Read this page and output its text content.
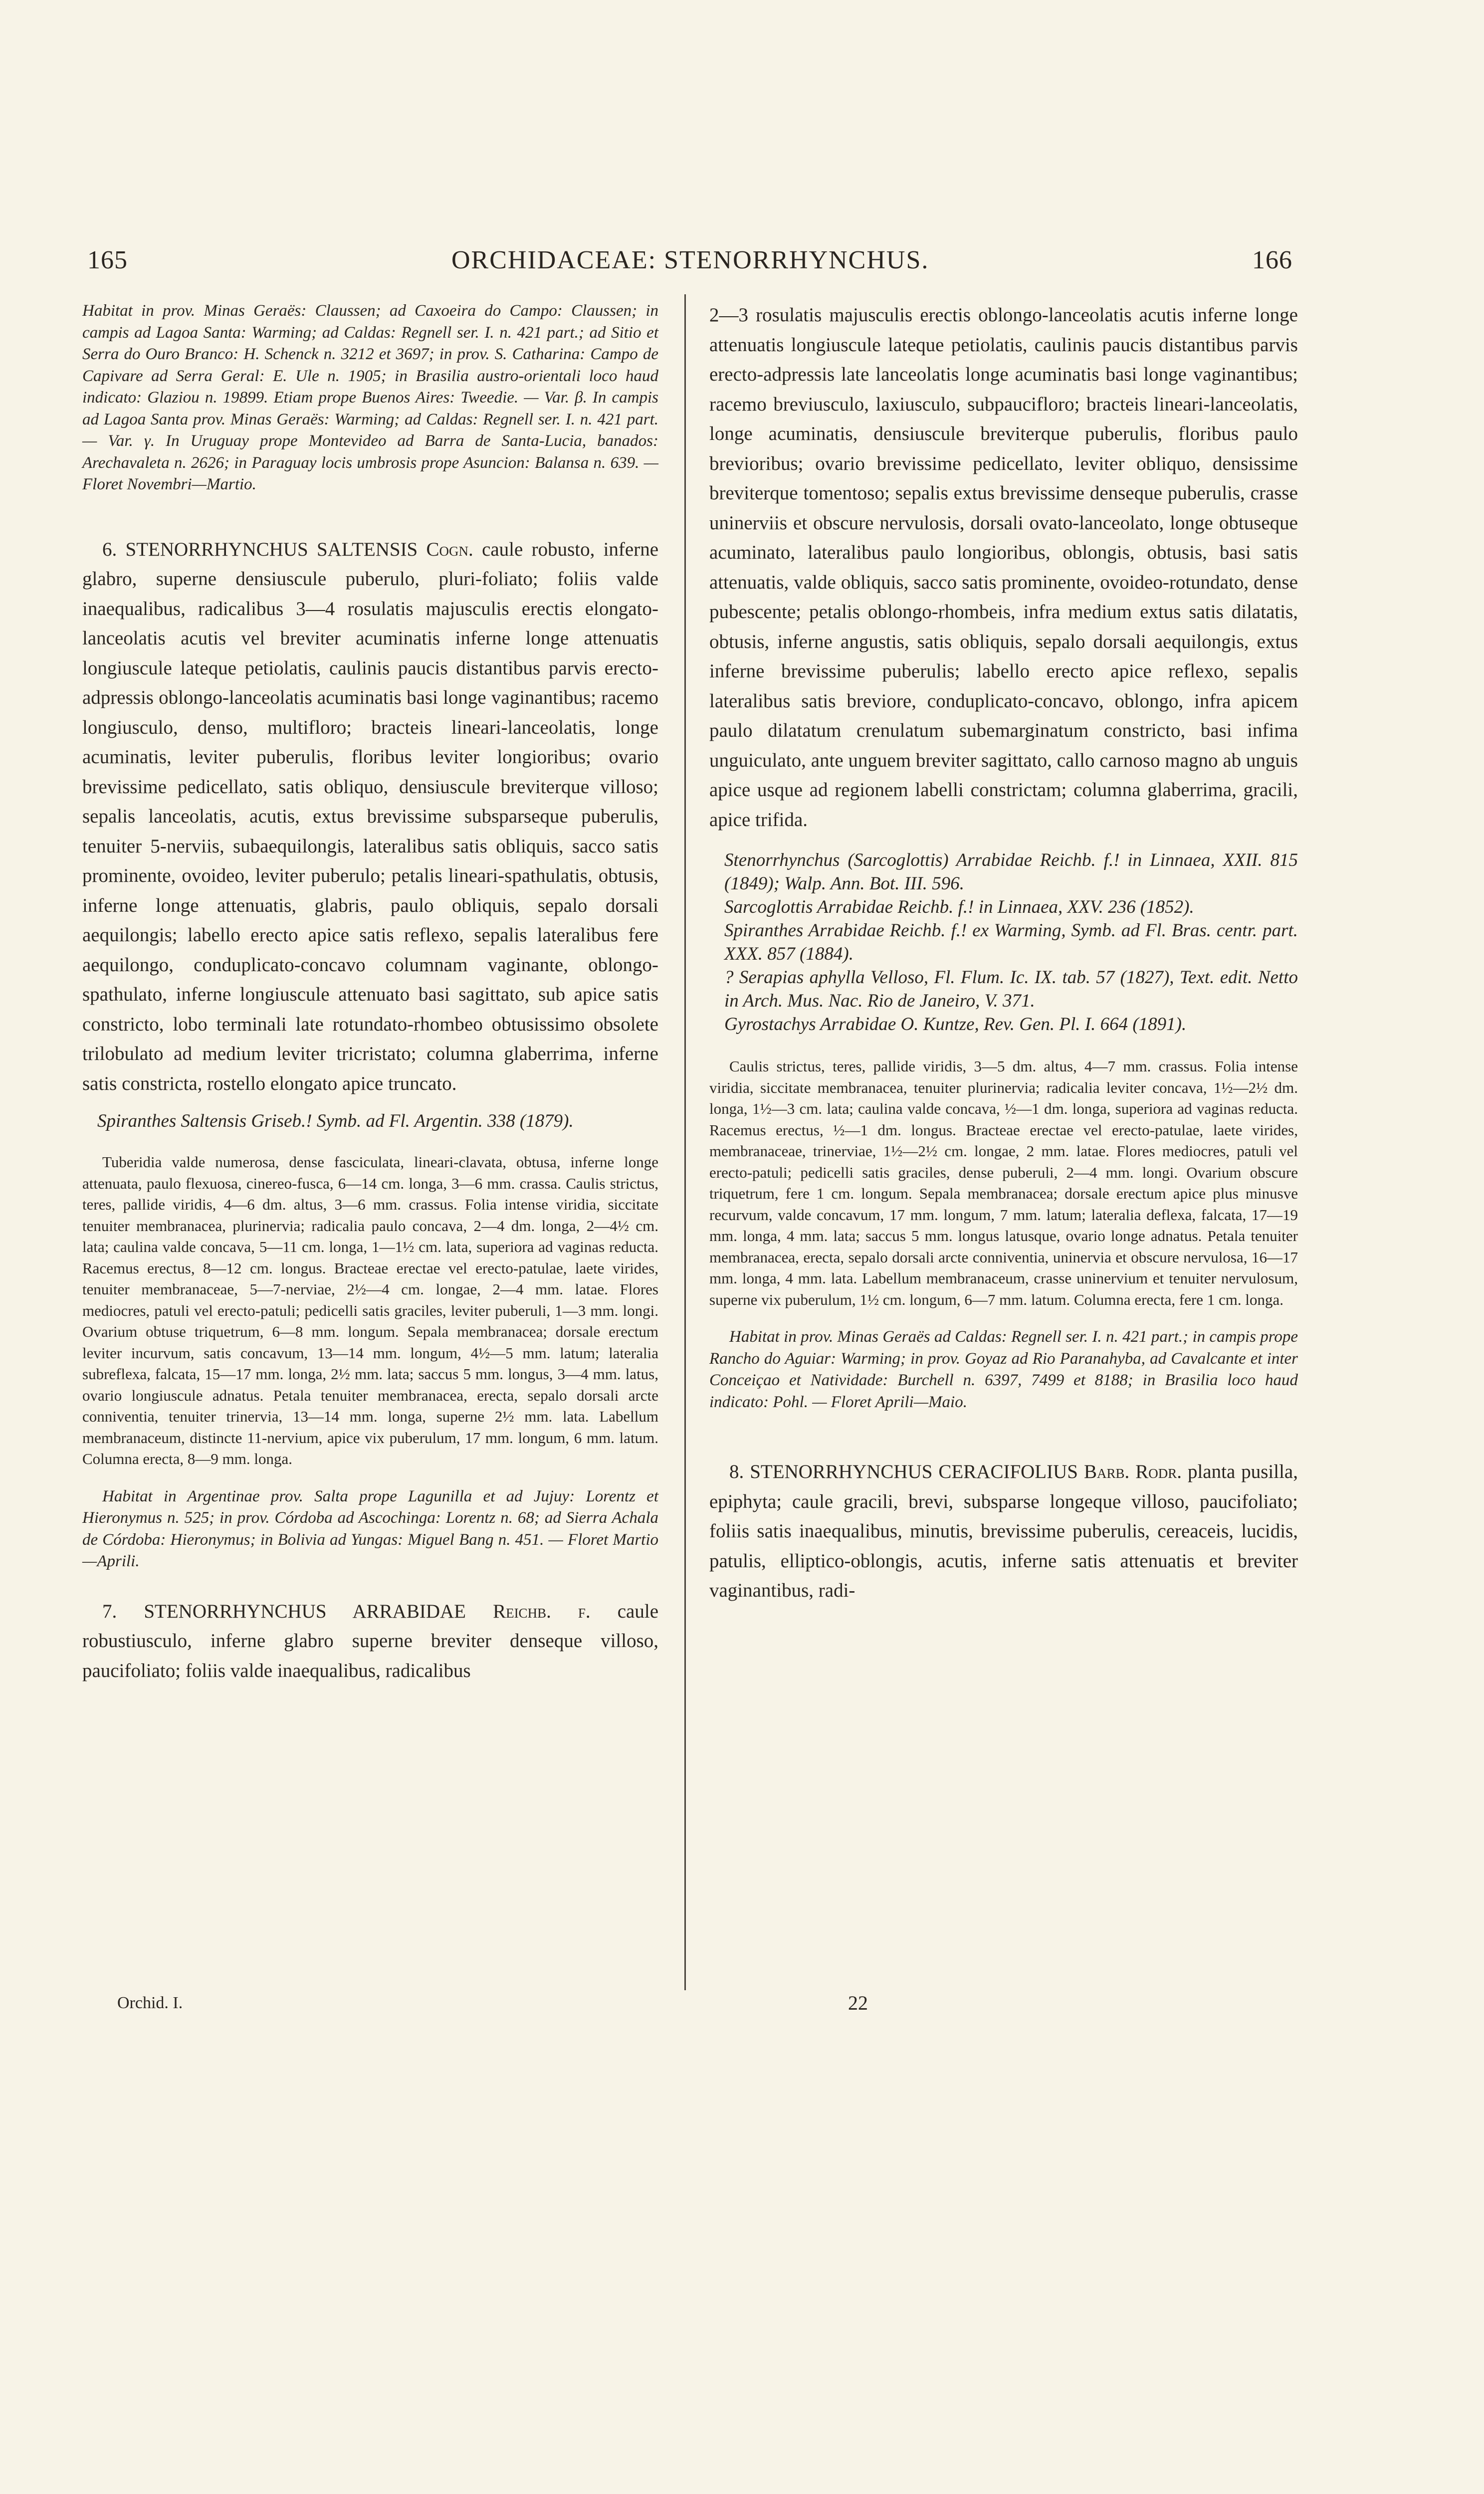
165	ORCHIDACEAE: STENORRHYNCHUS.	166

Habitat in prov. Minas Geraës: Claussen; ad Caxoeira do Campo: Claussen; in campis ad Lagoa Santa: Warming; ad Caldas: Regnell ser. I. n. 421 part.; ad Sitio et Serra do Ouro Branco: H. Schenck n. 3212 et 3697; in prov. S. Catharina: Campo de Capivare ad Serra Geral: E. Ule n. 1905; in Brasilia austro-orientali loco haud indicato: Glaziou n. 19899. Etiam prope Buenos Aires: Tweedie. — Var. β. In campis ad Lagoa Santa prov. Minas Geraës: Warming; ad Caldas: Regnell ser. I. n. 421 part. — Var. γ. In Uruguay prope Montevideo ad Barra de Santa-Lucia, banados: Arechavaleta n. 2626; in Paraguay locis umbrosis prope Asuncion: Balansa n. 639. — Floret Novembri—Martio.

6. STENORRHYNCHUS SALTENSIS Cogn. caule robusto, inferne glabro, superne densiuscule puberulo, pluri-foliato; foliis valde inaequalibus, radicalibus 3—4 rosulatis majusculis erectis elongato-lanceolatis acutis vel breviter acuminatis inferne longe attenuatis longiuscule lateque petiolatis, caulinis paucis distantibus parvis erecto-adpressis oblongo-lanceolatis acuminatis basi longe vaginantibus; racemo longiusculo, denso, multifloro; bracteis lineari-lanceolatis, longe acuminatis, leviter puberulis, floribus leviter longioribus; ovario brevissime pedicellato, satis obliquo, densiuscule breviterque villoso; sepalis lanceolatis, acutis, extus brevissime subsparseque puberulis, tenuiter 5-nerviis, subaequilongis, lateralibus satis obliquis, sacco satis prominente, ovoideo, leviter puberulo; petalis lineari-spathulatis, obtusis, inferne longe attenuatis, glabris, paulo obliquis, sepalo dorsali aequilongis; labello erecto apice satis reflexo, sepalis lateralibus fere aequilongo, conduplicato-concavo columnam vaginante, oblongo-spathulato, inferne longiuscule attenuato basi sagittato, sub apice satis constricto, lobo terminali late rotundato-rhombeo obtusissimo obsolete trilobulato ad medium leviter tricristato; columna glaberrima, inferne satis constricta, rostello elongato apice truncato.

Spiranthes Saltensis Griseb.! Symb. ad Fl. Argentin. 338 (1879).

Tuberidia valde numerosa, dense fasciculata, lineari-clavata, obtusa, inferne longe attenuata, paulo flexuosa, cinereo-fusca, 6—14 cm. longa, 3—6 mm. crassa. Caulis strictus, teres, pallide viridis, 4—6 dm. altus, 3—6 mm. crassus. Folia intense viridia, siccitate tenuiter membranacea, plurinervia; radicalia paulo concava, 2—4 dm. longa, 2—4½ cm. lata; caulina valde concava, 5—11 cm. longa, 1—1½ cm. lata, superiora ad vaginas reducta. Racemus erectus, 8—12 cm. longus. Bracteae erectae vel erecto-patulae, laete virides, tenuiter membranaceae, 5—7-nerviae, 2½—4 cm. longae, 2—4 mm. latae. Flores mediocres, patuli vel erecto-patuli; pedicelli satis graciles, leviter puberuli, 1—3 mm. longi. Ovarium obtuse triquetrum, 6—8 mm. longum. Sepala membranacea; dorsale erectum leviter incurvum, satis concavum, 13—14 mm. longum, 4½—5 mm. latum; lateralia subreflexa, falcata, 15—17 mm. longa, 2½ mm. lata; saccus 5 mm. longus, 3—4 mm. latus, ovario longiuscule adnatus. Petala tenuiter membranacea, erecta, sepalo dorsali arcte conniventia, tenuiter trinervia, 13—14 mm. longa, superne 2½ mm. lata. Labellum membranaceum, distincte 11-nervium, apice vix puberulum, 17 mm. longum, 6 mm. latum. Columna erecta, 8—9 mm. longa.

Habitat in Argentinae prov. Salta prope Lagunilla et ad Jujuy: Lorentz et Hieronymus n. 525; in prov. Córdoba ad Ascochinga: Lorentz n. 68; ad Sierra Achala de Córdoba: Hieronymus; in Bolivia ad Yungas: Miguel Bang n. 451. — Floret Martio—Aprili.

7. STENORRHYNCHUS ARRABIDAE Reichb. f. caule robustiusculo, inferne glabro superne breviter denseque villoso, paucifoliato; foliis valde inaequalibus, radicalibus

2—3 rosulatis majusculis erectis oblongo-lanceolatis acutis inferne longe attenuatis longiuscule lateque petiolatis, caulinis paucis distantibus parvis erecto-adpressis late lanceolatis longe acuminatis basi longe vaginantibus; racemo breviusculo, laxiusculo, subpaucifloro; bracteis lineari-lanceolatis, longe acuminatis, densiuscule breviterque puberulis, floribus paulo brevioribus; ovario brevissime pedicellato, leviter obliquo, densissime breviterque tomentoso; sepalis extus brevissime denseque puberulis, crasse uninerviis et obscure nervulosis, dorsali ovato-lanceolato, longe obtuseque acuminato, lateralibus paulo longioribus, oblongis, obtusis, basi satis attenuatis, valde obliquis, sacco satis prominente, ovoideo-rotundato, dense pubescente; petalis oblongo-rhombeis, infra medium extus satis dilatatis, obtusis, inferne angustis, satis obliquis, sepalo dorsali aequilongis, extus inferne brevissime puberulis; labello erecto apice reflexo, sepalis lateralibus satis breviore, conduplicato-concavo, oblongo, infra apicem paulo dilatatum crenulatum subemarginatum constricto, basi infima unguiculato, ante unguem breviter sagittato, callo carnoso magno ab unguis apice usque ad regionem labelli constrictam; columna glaberrima, gracili, apice trifida.

Stenorrhynchus (Sarcoglottis) Arrabidae Reichb. f.! in Linnaea, XXII. 815 (1849); Walp. Ann. Bot. III. 596.

Sarcoglottis Arrabidae Reichb. f.! in Linnaea, XXV. 236 (1852).

Spiranthes Arrabidae Reichb. f.! ex Warming, Symb. ad Fl. Bras. centr. part. XXX. 857 (1884).

? Serapias aphylla Velloso, Fl. Flum. Ic. IX. tab. 57 (1827), Text. edit. Netto in Arch. Mus. Nac. Rio de Janeiro, V. 371.

Gyrostachys Arrabidae O. Kuntze, Rev. Gen. Pl. I. 664 (1891).

Caulis strictus, teres, pallide viridis, 3—5 dm. altus, 4—7 mm. crassus. Folia intense viridia, siccitate membranacea, tenuiter plurinervia; radicalia leviter concava, 1½—2½ dm. longa, 1½—3 cm. lata; caulina valde concava, ½—1 dm. longa, superiora ad vaginas reducta. Racemus erectus, ½—1 dm. longus. Bracteae erectae vel erecto-patulae, laete virides, membranaceae, trinerviae, 1½—2½ cm. longae, 2 mm. latae. Flores mediocres, patuli vel erecto-patuli; pedicelli satis graciles, dense puberuli, 2—4 mm. longi. Ovarium obscure triquetrum, fere 1 cm. longum. Sepala membranacea; dorsale erectum apice plus minusve recurvum, valde concavum, 17 mm. longum, 7 mm. latum; lateralia deflexa, falcata, 17—19 mm. longa, 4 mm. lata; saccus 5 mm. longus latusque, ovario longe adnatus. Petala tenuiter membranacea, erecta, sepalo dorsali arcte conniventia, uninervia et obscure nervulosa, 16—17 mm. longa, 4 mm. lata. Labellum membranaceum, crasse uninervium et tenuiter nervulosum, superne vix puberulum, 1½ cm. longum, 6—7 mm. latum. Columna erecta, fere 1 cm. longa.

Habitat in prov. Minas Geraës ad Caldas: Regnell ser. I. n. 421 part.; in campis prope Rancho do Aguiar: Warming; in prov. Goyaz ad Rio Paranahyba, ad Cavalcante et inter Conceiçao et Natividade: Burchell n. 6397, 7499 et 8188; in Brasilia loco haud indicato: Pohl. — Floret Aprili—Maio.

8. STENORRHYNCHUS CERACIFOLIUS Barb. Rodr. planta pusilla, epiphyta; caule gracili, brevi, subsparse longeque villoso, paucifoliato; foliis satis inaequalibus, minutis, brevissime puberulis, cereaceis, lucidis, patulis, elliptico-oblongis, acutis, inferne satis attenuatis et breviter vaginantibus, radi-

Orchid. I.	22
